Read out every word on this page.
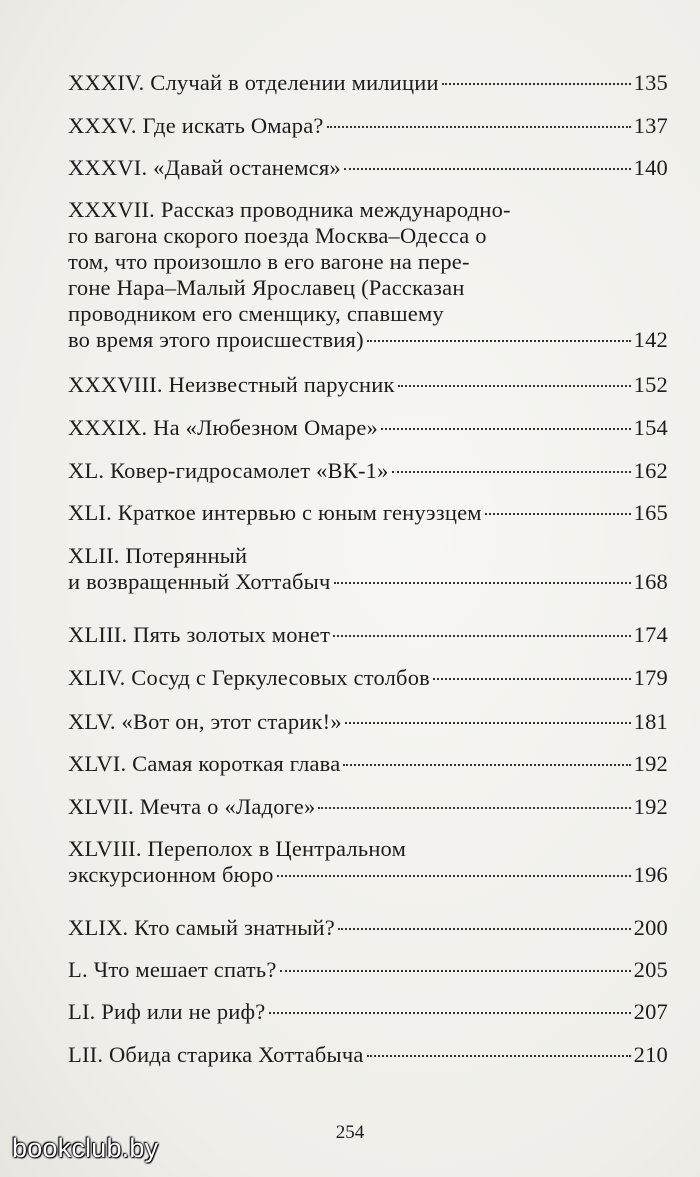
XXXIV. Случай в отделении милиции	135
XXXV. Где искать Омара?	137
XXXVI. «Давай останемся»	140
XXXVII. Рассказ проводника международно-
го вагона скорого поезда Москва–Одесса о
том, что произошло в его вагоне на пере-
гоне Нара–Малый Ярославец (Рассказан
проводником его сменщику, спавшему
во время этого происшествия)	142
XXXVIII. Неизвестный парусник	152
XXXIX. На «Любезном Омаре»	154
XL. Ковер-гидросамолет «ВК-1»	162
XLI. Краткое интервью с юным генуэзцем	165
XLII. Потерянный
и возвращенный Хоттабыч	168
XLIII. Пять золотых монет	174
XLIV. Сосуд с Геркулесовых столбов	179
XLV. «Вот он, этот старик!»	181
XLVI. Самая короткая глава	192
XLVII. Мечта о «Ладоге»	192
XLVIII. Переполох в Центральном
экскурсионном бюро	196
XLIX. Кто самый знатный?	200
L. Что мешает спать?	205
LI. Риф или не риф?	207
LII. Обида старика Хоттабыча	210
254
bookclub.by
